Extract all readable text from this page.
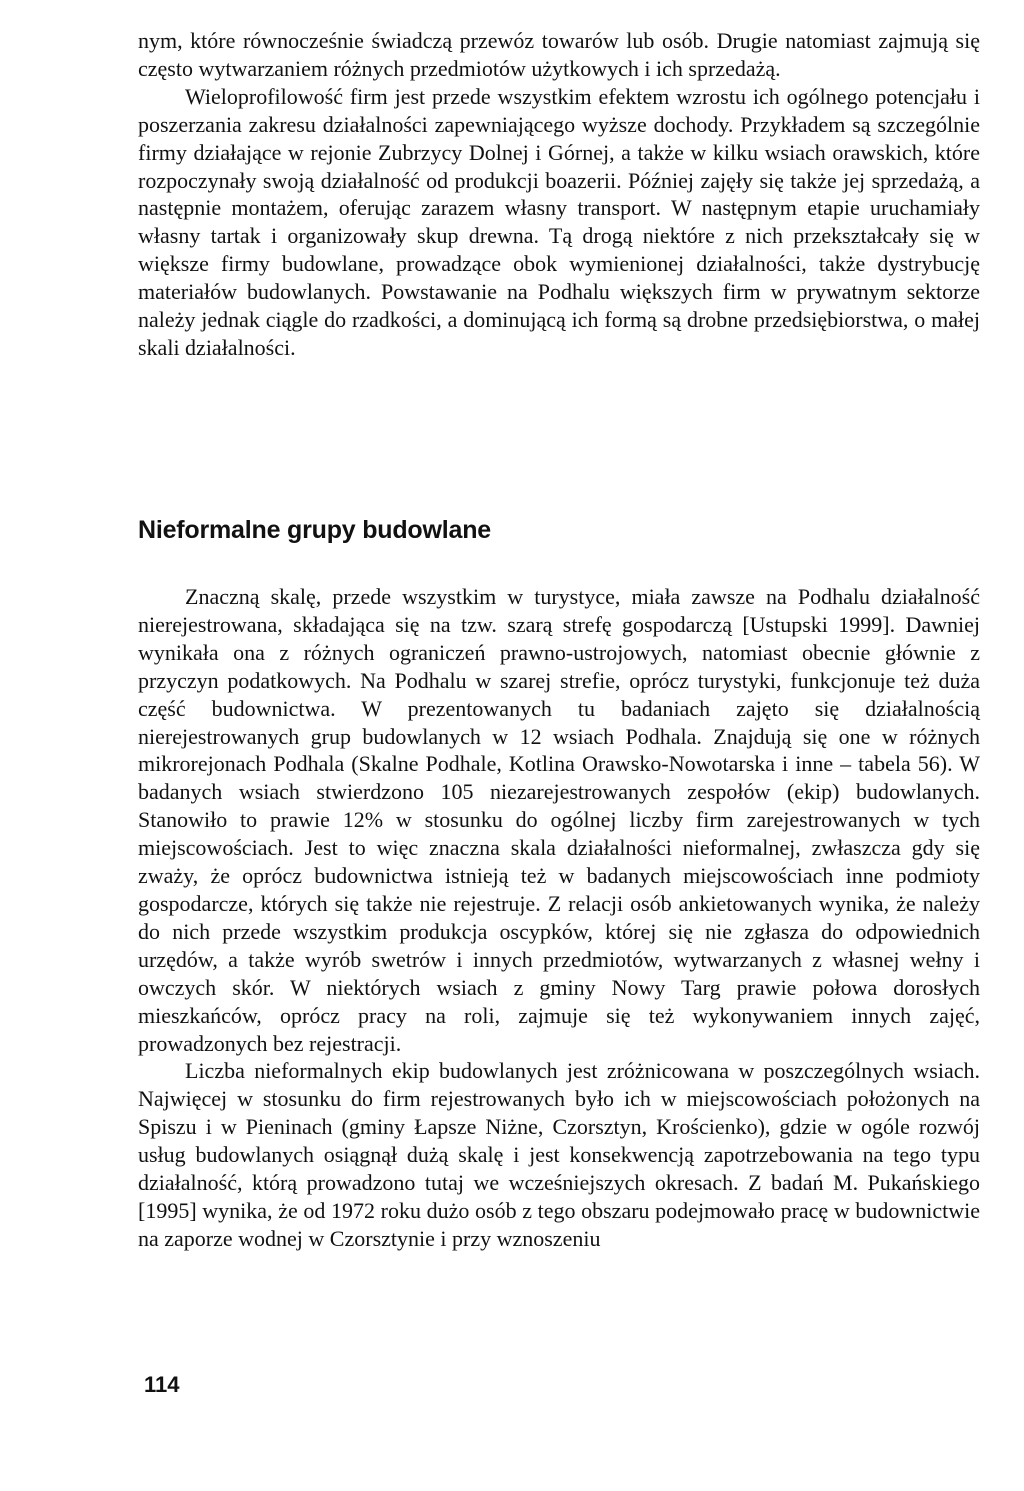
nym, które równocześnie świadczą przewóz towarów lub osób. Drugie natomiast zajmują się często wytwarzaniem różnych przedmiotów użytkowych i ich sprzedażą.

Wieloprofilowość firm jest przede wszystkim efektem wzrostu ich ogólnego potencjału i poszerzania zakresu działalności zapewniającego wyższe dochody. Przykładem są szczególnie firmy działające w rejonie Zubrzycy Dolnej i Górnej, a także w kilku wsiach orawskich, które rozpoczynały swoją działalność od produkcji boazerii. Później zajęły się także jej sprzedażą, a następnie montażem, oferując zarazem własny transport. W następnym etapie uruchamiały własny tartak i organizowały skup drewna. Tą drogą niektóre z nich przekształcały się w większe firmy budowlane, prowadzące obok wymienionej działalności, także dystrybucję materiałów budowlanych. Powstawanie na Podhalu większych firm w prywatnym sektorze należy jednak ciągle do rzadkości, a dominującą ich formą są drobne przedsiębiorstwa, o małej skali działalności.

Nieformalne grupy budowlane

Znaczną skalę, przede wszystkim w turystyce, miała zawsze na Podhalu działalność nierejestrowana, składająca się na tzw. szarą strefę gospodarczą [Ustupski 1999]. Dawniej wynikała ona z różnych ograniczeń prawno-ustrojowych, natomiast obecnie głównie z przyczyn podatkowych. Na Podhalu w szarej strefie, oprócz turystyki, funkcjonuje też duża część budownictwa. W prezentowanych tu badaniach zajęto się działalnością nierejestrowanych grup budowlanych w 12 wsiach Podhala. Znajdują się one w różnych mikrorejonach Podhala (Skalne Podhale, Kotlina Orawsko-Nowotarska i inne – tabela 56). W badanych wsiach stwierdzono 105 niezarejestrowanych zespołów (ekip) budowlanych. Stanowiło to prawie 12% w stosunku do ogólnej liczby firm zarejestrowanych w tych miejscowościach. Jest to więc znaczna skala działalności nieformalnej, zwłaszcza gdy się zważy, że oprócz budownictwa istnieją też w badanych miejscowościach inne podmioty gospodarcze, których się także nie rejestruje. Z relacji osób ankietowanych wynika, że należy do nich przede wszystkim produkcja oscypków, której się nie zgłasza do odpowiednich urzędów, a także wyrób swetrów i innych przedmiotów, wytwarzanych z własnej wełny i owczych skór. W niektórych wsiach z gminy Nowy Targ prawie połowa dorosłych mieszkańców, oprócz pracy na roli, zajmuje się też wykonywaniem innych zajęć, prowadzonych bez rejestracji.

Liczba nieformalnych ekip budowlanych jest zróżnicowana w poszczególnych wsiach. Najwięcej w stosunku do firm rejestrowanych było ich w miejscowościach położonych na Spiszu i w Pieninach (gminy Łapsze Niżne, Czorsztyn, Krościenko), gdzie w ogóle rozwój usług budowlanych osiągnął dużą skalę i jest konsekwencją zapotrzebowania na tego typu działalność, którą prowadzono tutaj we wcześniejszych okresach. Z badań M. Pukańskiego [1995] wynika, że od 1972 roku dużo osób z tego obszaru podejmowało pracę w budownictwie na zaporze wodnej w Czorsztynie i przy wznoszeniu

114
